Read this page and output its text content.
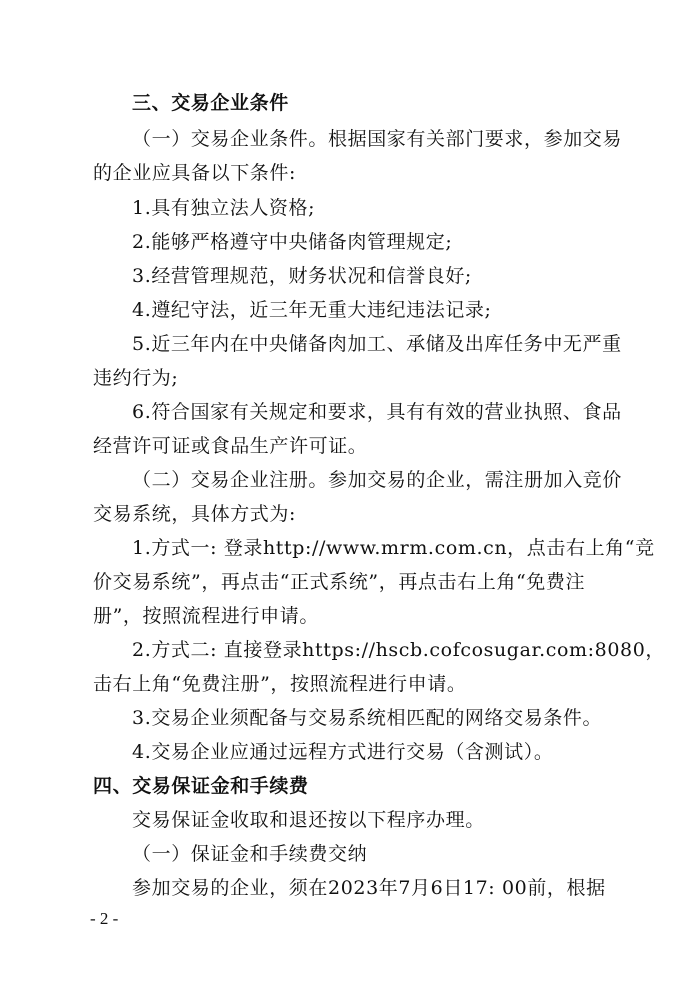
三、交易企业条件
（一）交易企业条件。根据国家有关部门要求，参加交易
的企业应具备以下条件:
1.具有独立法人资格;
2.能够严格遵守中央储备肉管理规定;
3.经营管理规范，财务状况和信誉良好;
4.遵纪守法，近三年无重大违纪违法记录;
5.近三年内在中央储备肉加工、承储及出库任务中无严重
违约行为;
6.符合国家有关规定和要求，具有有效的营业执照、食品
经营许可证或食品生产许可证。
（二）交易企业注册。参加交易的企业，需注册加入竞价
交易系统，具体方式为:
1.方式一: 登录http://www.mrm.com.cn，点击右上角“竞
价交易系统”，再点击“正式系统”，再点击右上角“免费注
册”，按照流程进行申请。
2.方式二: 直接登录https://hscb.cofcosugar.com:8080，
击右上角“免费注册”，按照流程进行申请。
3.交易企业须配备与交易系统相匹配的网络交易条件。
4.交易企业应通过远程方式进行交易（含测试）。
四、交易保证金和手续费
交易保证金收取和退还按以下程序办理。
（一）保证金和手续费交纳
参加交易的企业，须在2023年7月6日17: 00前，根据
- 2 -
